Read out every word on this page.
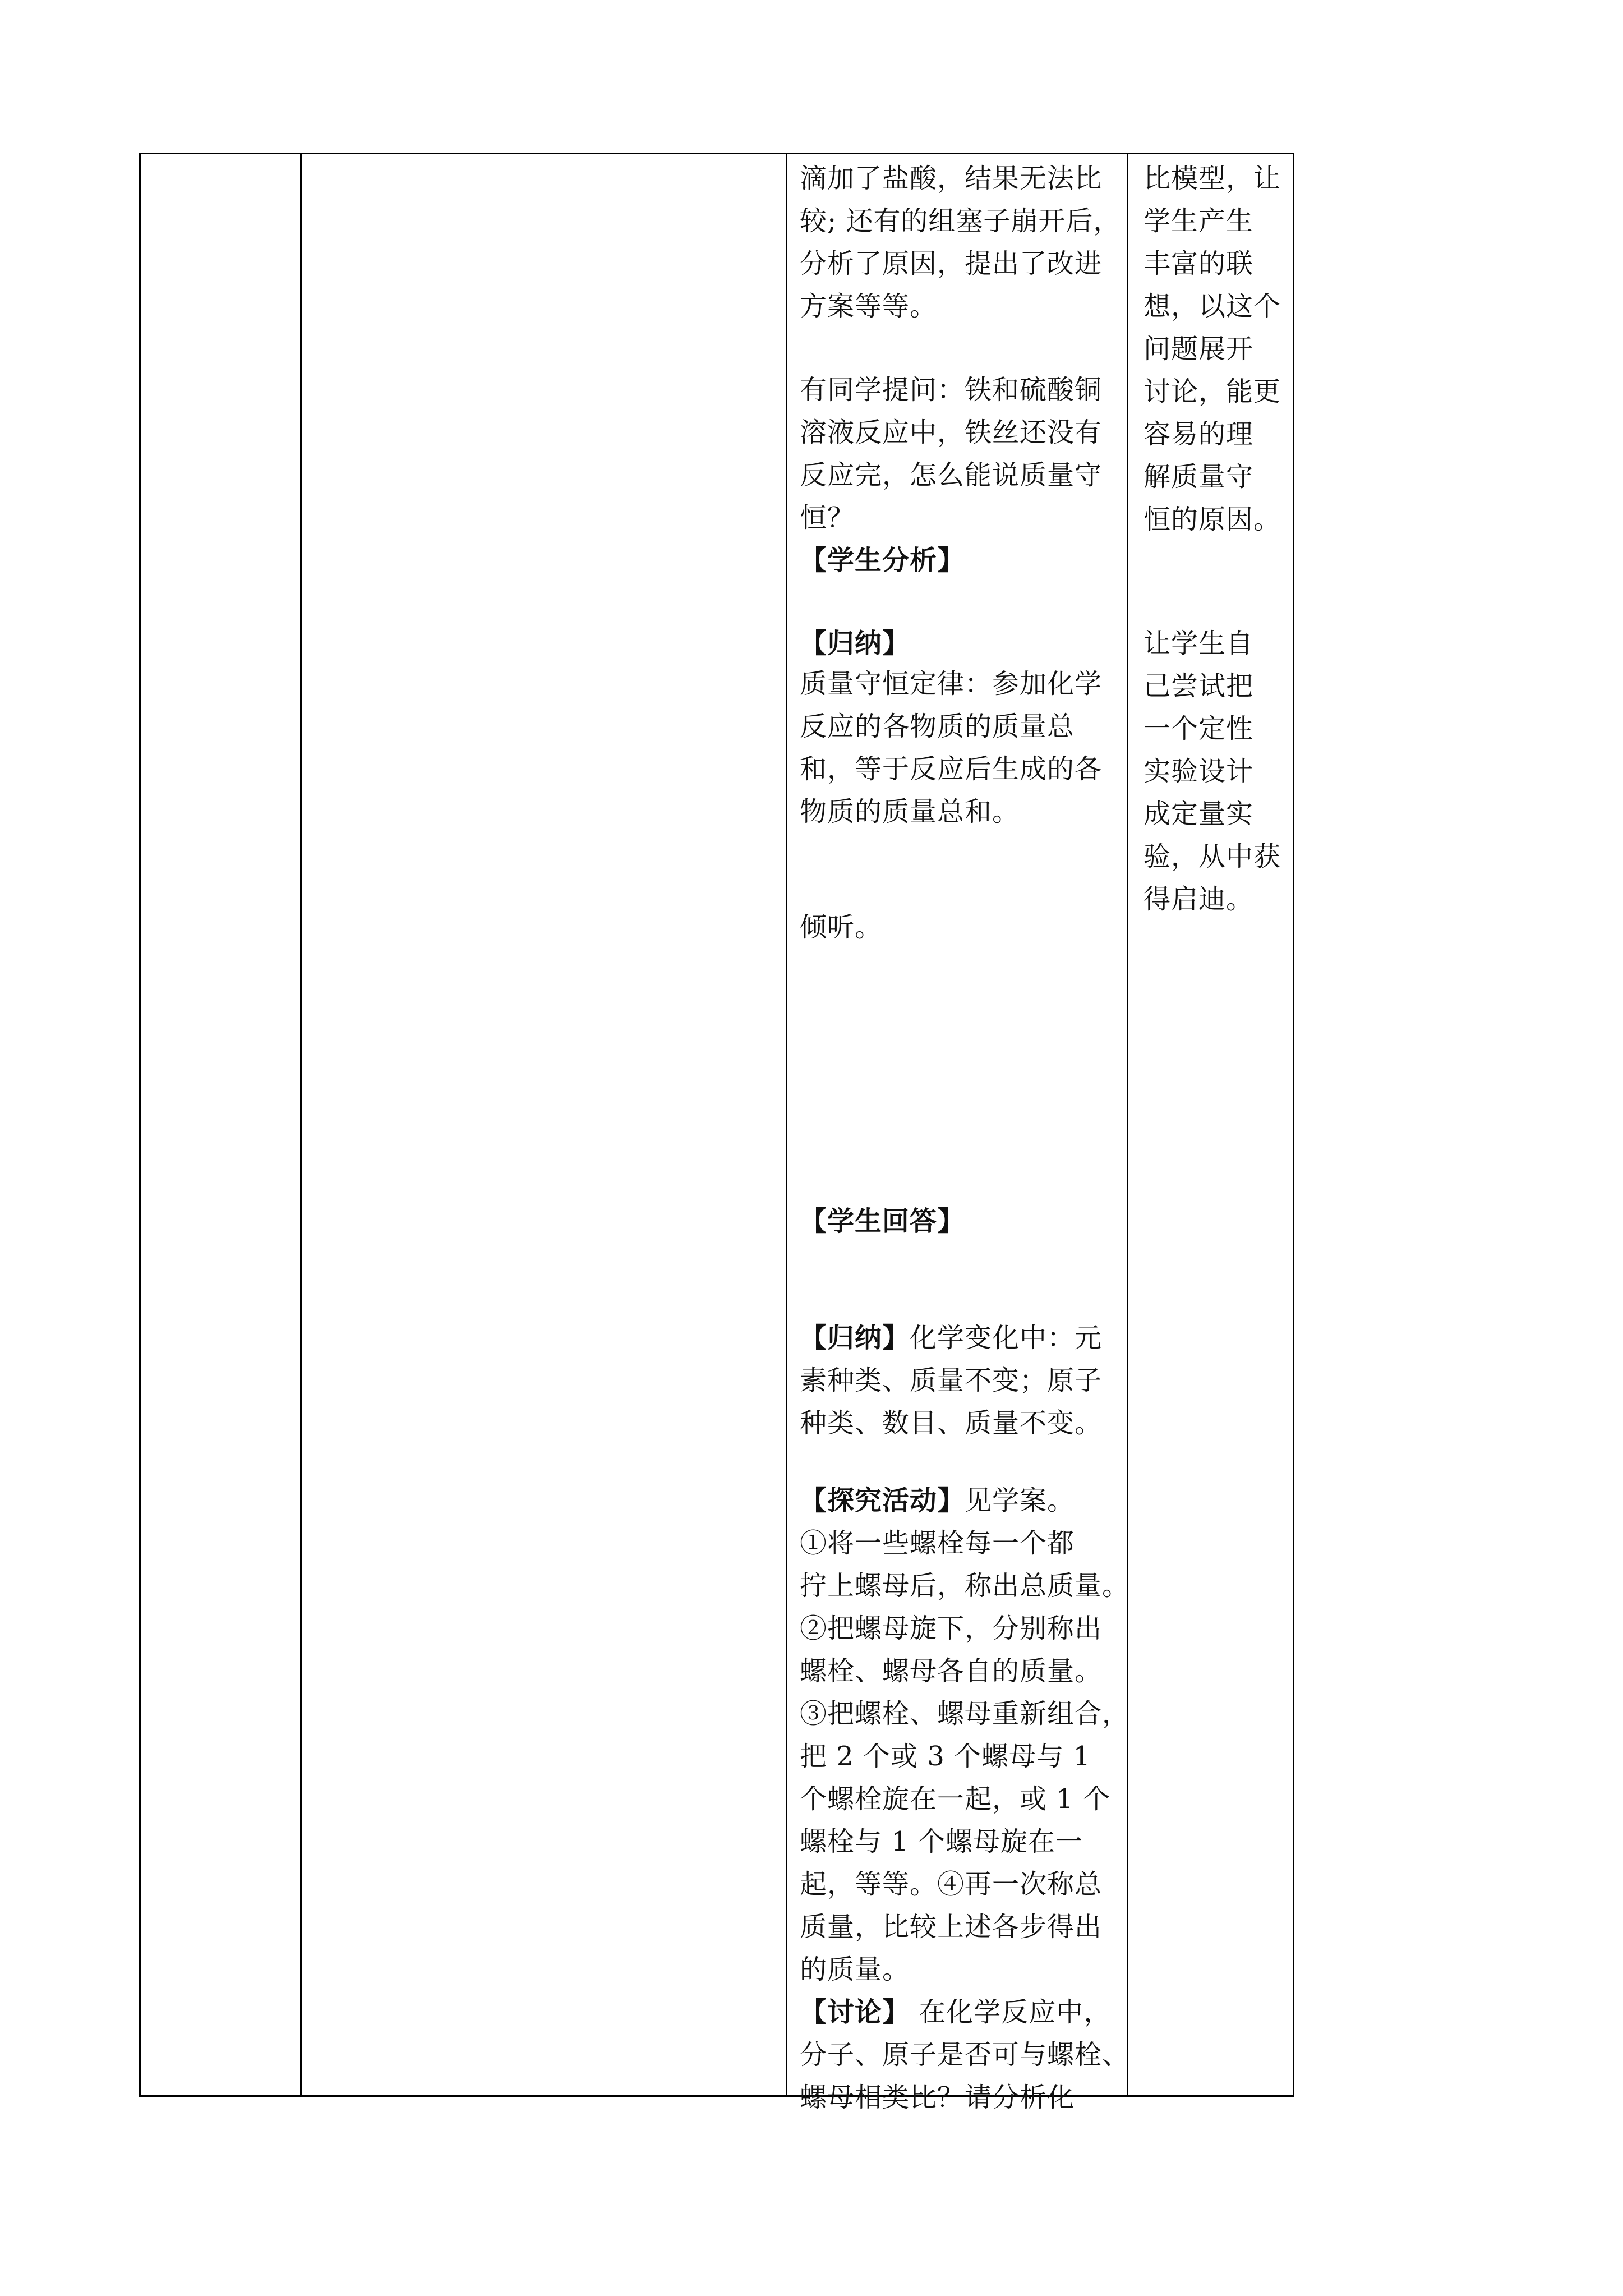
滴加了盐酸，结果无法比
较; 还有的组塞子崩开后，
分析了原因，提出了改进
方案等等。
有同学提问：铁和硫酸铜
溶液反应中，铁丝还没有
反应完，怎么能说质量守
恒？
【学生分析】
【归纳】
质量守恒定律：参加化学
反应的各物质的质量总
和，等于反应后生成的各
物质的质量总和。
倾听。
【学生回答】
【归纳】化学变化中：元
素种类、质量不变；原子
种类、数目、质量不变。
【探究活动】见学案。
①将一些螺栓每一个都
拧上螺母后，称出总质量。
②把螺母旋下，分别称出
螺栓、螺母各自的质量。
③把螺栓、螺母重新组合，
把 2 个或 3 个螺母与 1
个螺栓旋在一起，或 1 个
螺栓与 1 个螺母旋在一
起，等等。④再一次称总
质量，比较上述各步得出
的质量。
【讨论】 在化学反应中，
分子、原子是否可与螺栓、
螺母相类比？请分析化
比模型，让
学生产生
丰富的联
想，以这个
问题展开
讨论，能更
容易的理
解质量守
恒的原因。
让学生自
己尝试把
一个定性
实验设计
成定量实
验，从中获
得启迪。
